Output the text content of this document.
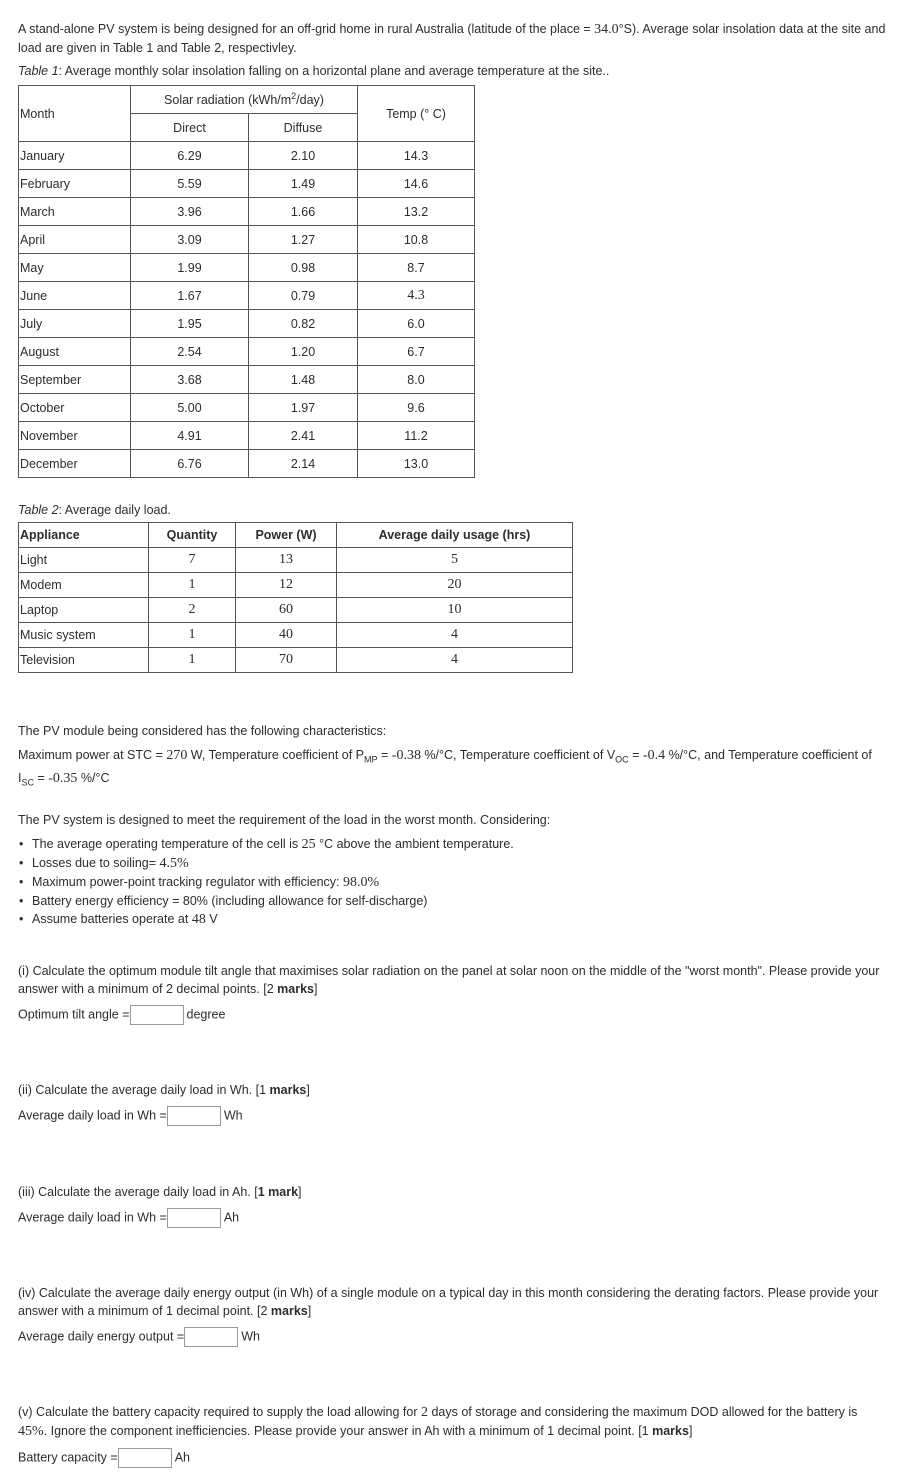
A stand-alone PV system is being designed for an off-grid home in rural Australia (latitude of the place = 34.0°S). Average solar insolation data at the site and load are given in Table 1 and Table 2, respectivley.

Table 1: Average monthly solar insolation falling on a horizontal plane and average temperature at the site..

Month	Solar radiation $(kWh/m^2/day)$		Temp (° C)
	Direct	Diffuse	
January	6.29	2.10	14.3
February	5.59	1.49	14.6
March	3.96	1.66	13.2
April	3.09	1.27	10.8
May	1.99	0.98	8.7
June	1.67	0.79	4.3
July	1.95	0.82	6.0
August	2.54	1.20	6.7
September	3.68	1.48	8.0
October	5.00	1.97	9.6
November	4.91	2.41	11.2
December	6.76	2.14	13.0

Table 2: Average daily load.

Appliance	Quantity	Power (W)	Average daily usage (hrs)
Light	7	13	5
Modem	1	12	20
Laptop	2	60	10
Music system	1	40	4
Television	1	70	4

The PV module being considered has the following characteristics:

Maximum power at STC = 270 W, Temperature coefficient of $P_{MP} = -0.38$ %/°C, Temperature coefficient of $V_{OC} = -0.4$ %/°C, and Temperature coefficient of $I_{SC} = -0.35$ %/°C

The PV system is designed to meet the requirement of the load in the worst month. Considering:

• The average operating temperature of the cell is 25 °C above the ambient temperature.
• Losses due to soiling= 4.5%
• Maximum power-point tracking regulator with efficiency: 98.0%
• Battery energy efficiency = 80% (including allowance for self-discharge)
• Assume batteries operate at 48 V

(i) Calculate the optimum module tilt angle that maximises solar radiation on the panel at solar noon on the middle of the "worst month". Please provide your answer with a minimum of 2 decimal points. [2 marks]

Optimum tilt angle =	degree

(ii) Calculate the average daily load in Wh. [1 marks]

Average daily load in Wh =	Wh

(iii) Calculate the average daily load in Ah. [1 mark]

Average daily load in Wh =	Ah

(iv) Calculate the average daily energy output (in Wh) of a single module on a typical day in this month considering the derating factors. Please provide your answer with a minimum of 1 decimal point. [2 marks]

Average daily energy output =	Wh

(v) Calculate the battery capacity required to supply the load allowing for 2 days of storage and considering the maximum DOD allowed for the battery is 45%. Ignore the component inefficiencies. Please provide your answer in Ah with a minimum of 1 decimal point. [1 marks]

Battery capacity =	Ah
